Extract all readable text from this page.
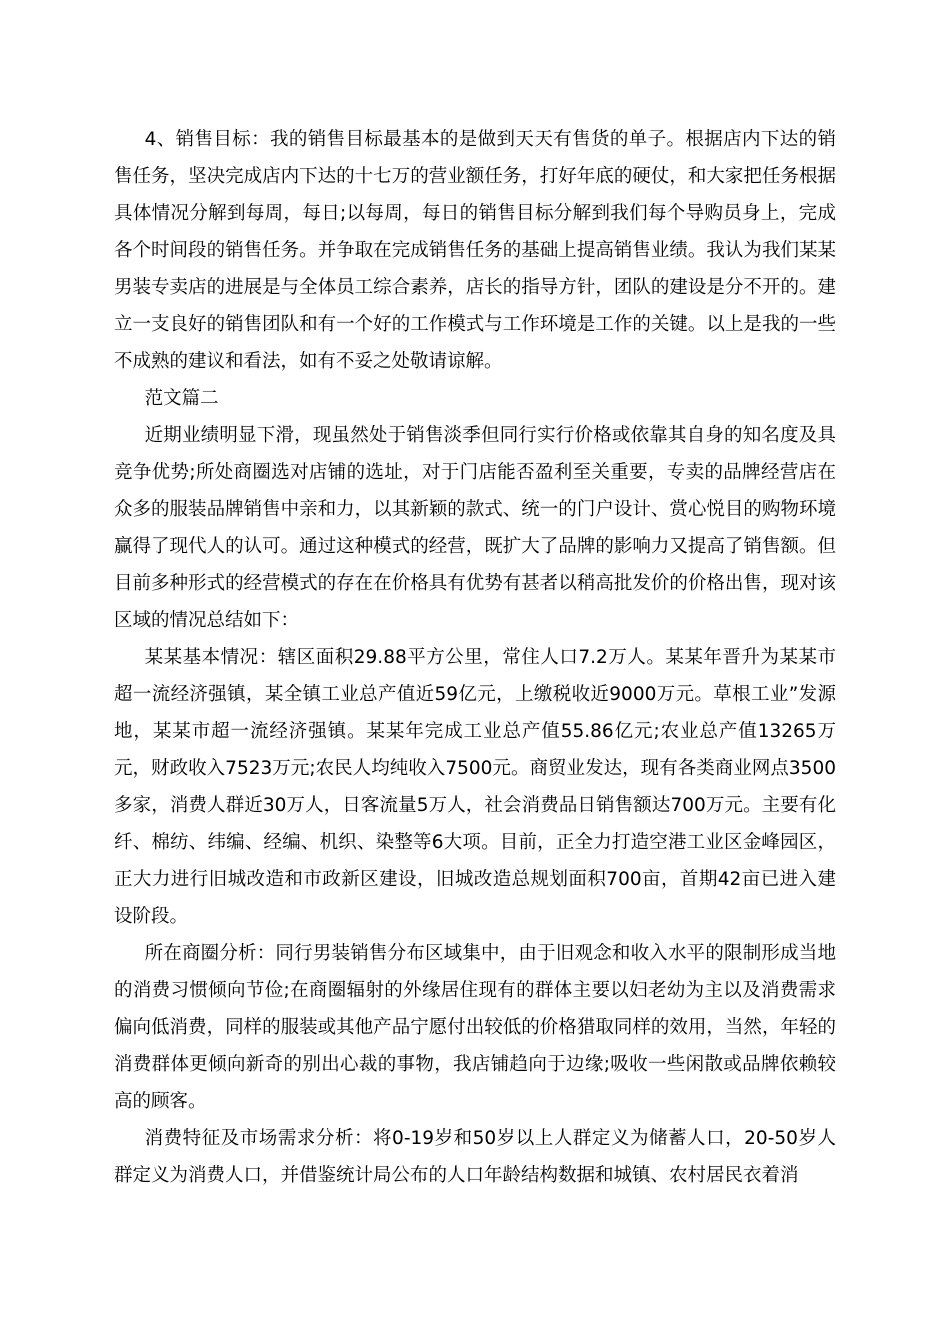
4、销售目标：我的销售目标最基本的是做到天天有售货的单子。根据店内下达的销售任务，坚决完成店内下达的十七万的营业额任务，打好年底的硬仗，和大家把任务根据具体情况分解到每周，每日;以每周，每日的销售目标分解到我们每个导购员身上，完成各个时间段的销售任务。并争取在完成销售任务的基础上提高销售业绩。我认为我们某某男装专卖店的进展是与全体员工综合素养，店长的指导方针，团队的建设是分不开的。建立一支良好的销售团队和有一个好的工作模式与工作环境是工作的关键。以上是我的一些不成熟的建议和看法，如有不妥之处敬请谅解。

范文篇二

近期业绩明显下滑，现虽然处于销售淡季但同行实行价格或依靠其自身的知名度及具竞争优势;所处商圈选对店铺的选址，对于门店能否盈利至关重要，专卖的品牌经营店在众多的服装品牌销售中亲和力，以其新颖的款式、统一的门户设计、赏心悦目的购物环境赢得了现代人的认可。通过这种模式的经营，既扩大了品牌的影响力又提高了销售额。但目前多种形式的经营模式的存在在价格具有优势有甚者以稍高批发价的价格出售，现对该区域的情况总结如下：

某某基本情况：辖区面积29.88平方公里，常住人口7.2万人。某某年晋升为某某市超一流经济强镇，某全镇工业总产值近59亿元，上缴税收近9000万元。草根工业”发源地，某某市超一流经济强镇。某某年完成工业总产值55.86亿元;农业总产值13265万元，财政收入7523万元;农民人均纯收入7500元。商贸业发达，现有各类商业网点3500多家，消费人群近30万人，日客流量5万人，社会消费品日销售额达700万元。主要有化纤、棉纺、纬编、经编、机织、染整等6大项。目前，正全力打造空港工业区金峰园区，正大力进行旧城改造和市政新区建设，旧城改造总规划面积700亩，首期42亩已进入建设阶段。

所在商圈分析：同行男装销售分布区域集中，由于旧观念和收入水平的限制形成当地的消费习惯倾向节俭;在商圈辐射的外缘居住现有的群体主要以妇老幼为主以及消费需求偏向低消费，同样的服装或其他产品宁愿付出较低的价格猎取同样的效用，当然，年轻的消费群体更倾向新奇的别出心裁的事物，我店铺趋向于边缘;吸收一些闲散或品牌依赖较高的顾客。

消费特征及市场需求分析：将0-19岁和50岁以上人群定义为储蓄人口，20-50岁人群定义为消费人口，并借鉴统计局公布的人口年龄结构数据和城镇、农村居民衣着消
